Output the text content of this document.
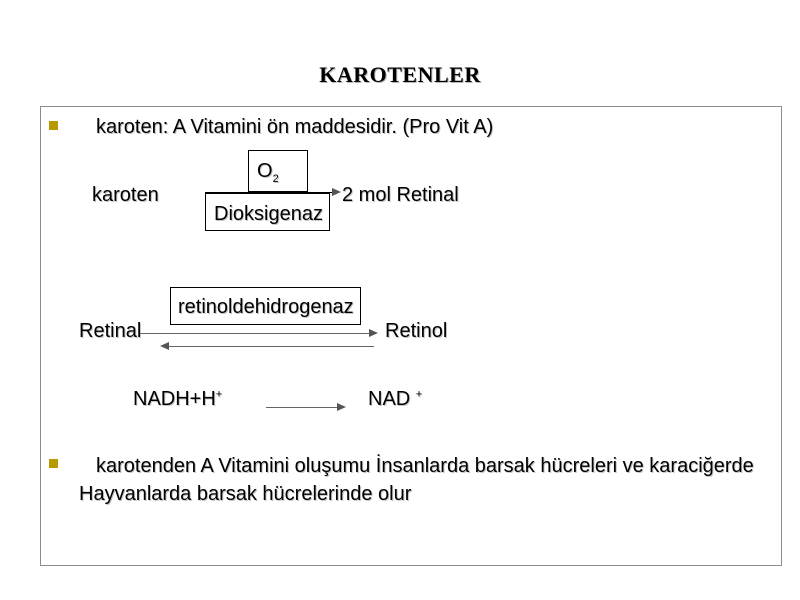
KAROTENLER
karoten: A Vitamini ön maddesidir. (Pro Vit A)
karoten
$O_2$
Dioksigenaz
2 mol Retinal
retinoldehidrogenaz
Retinal	Retinol
NADH+H+	NAD +
karotenden A Vitamini oluşumu İnsanlarda barsak hücreleri ve karaciğerde
Hayvanlarda barsak hücrelerinde olur
